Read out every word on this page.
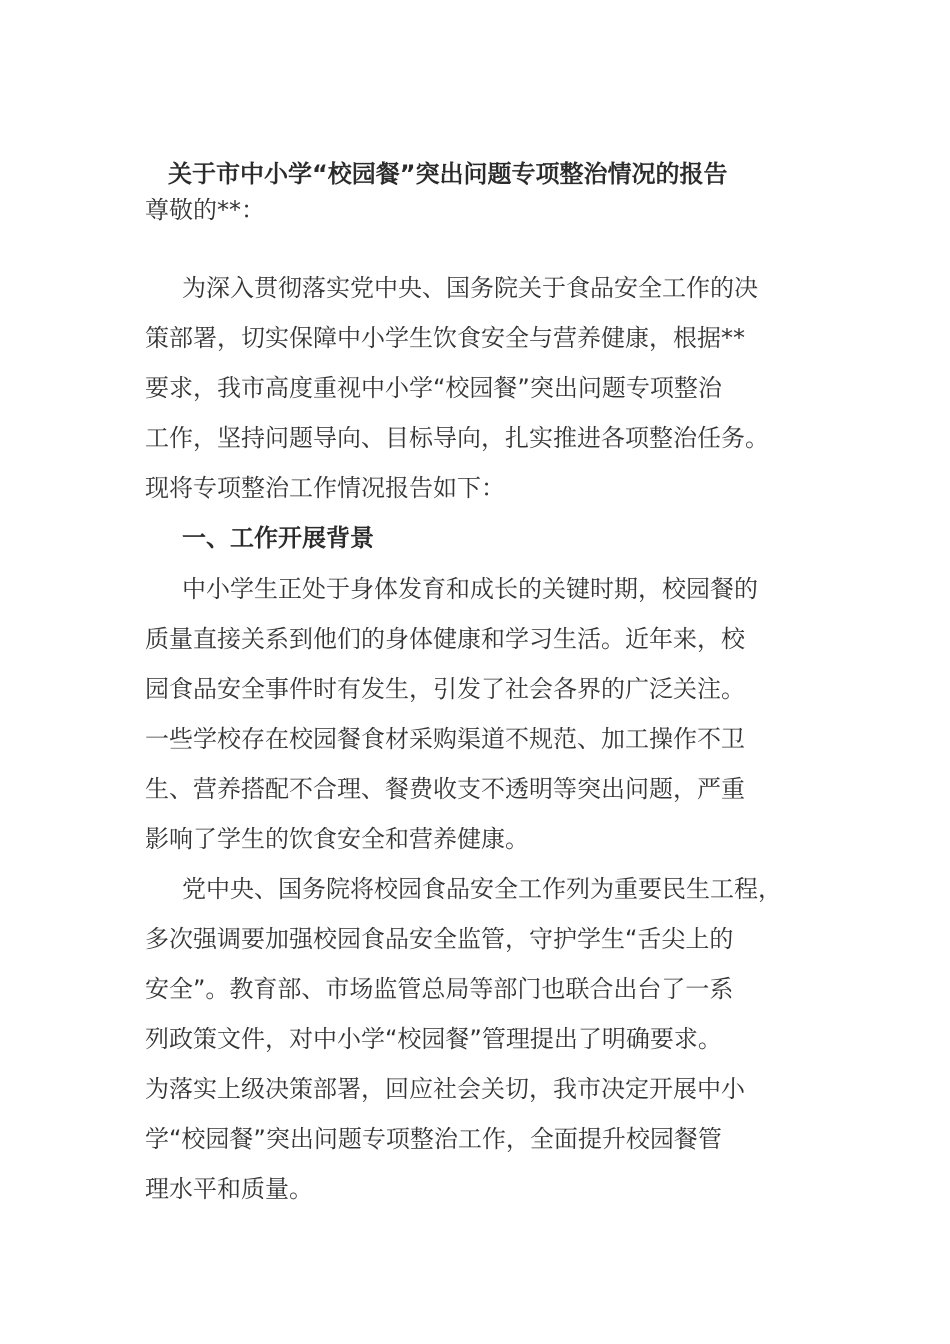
关于市中小学“校园餐”突出问题专项整治情况的报告
尊敬的**：
为深入贯彻落实党中央、国务院关于食品安全工作的决
策部署，切实保障中小学生饮食安全与营养健康，根据**
要求，我市高度重视中小学“校园餐”突出问题专项整治
工作，坚持问题导向、目标导向，扎实推进各项整治任务。
现将专项整治工作情况报告如下：
一、工作开展背景
中小学生正处于身体发育和成长的关键时期，校园餐的
质量直接关系到他们的身体健康和学习生活。近年来，校
园食品安全事件时有发生，引发了社会各界的广泛关注。
一些学校存在校园餐食材采购渠道不规范、加工操作不卫
生、营养搭配不合理、餐费收支不透明等突出问题，严重
影响了学生的饮食安全和营养健康。
党中央、国务院将校园食品安全工作列为重要民生工程，
多次强调要加强校园食品安全监管，守护学生“舌尖上的
安全”。教育部、市场监管总局等部门也联合出台了一系
列政策文件，对中小学“校园餐”管理提出了明确要求。
为落实上级决策部署，回应社会关切，我市决定开展中小
学“校园餐”突出问题专项整治工作，全面提升校园餐管
理水平和质量。
